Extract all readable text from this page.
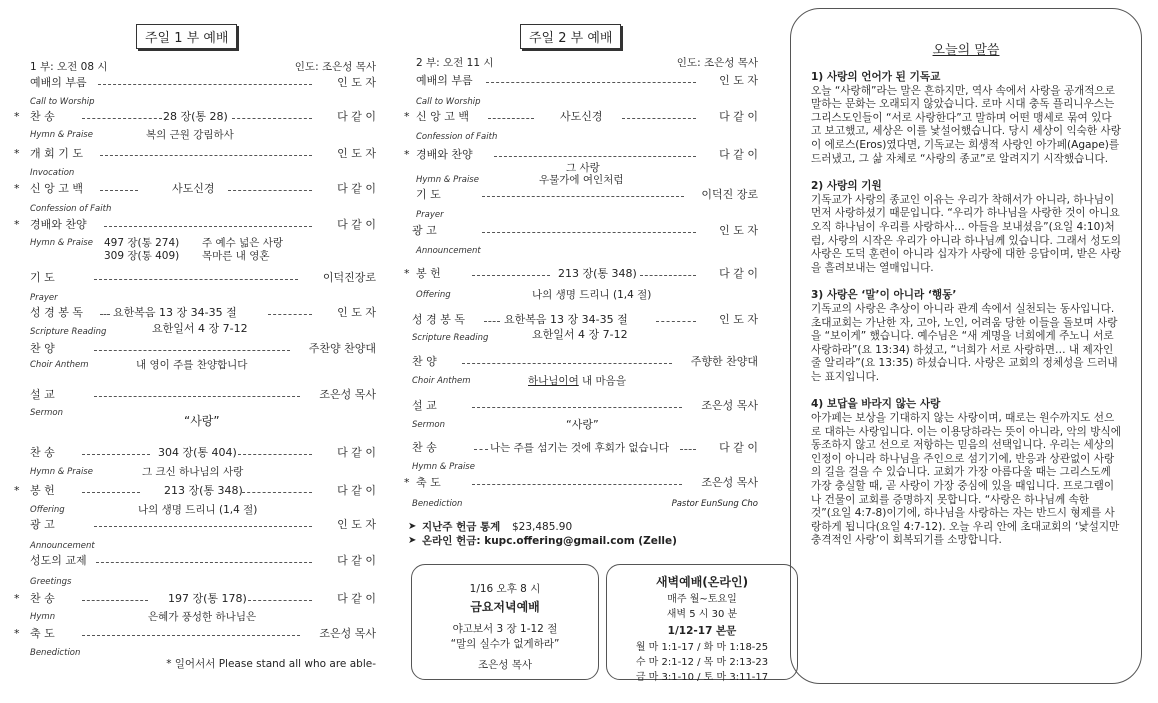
주일 1 부 예배
1 부: 오전 08 시	인도: 조은성 목사
예배의 부름	인 도 자
Call to Worship
* 찬 송	28 장(통 28)	다 같 이
Hymn & Praise	복의 근원 강림하사
* 개 회 기 도	인 도 자
Invocation
* 신 앙 고 백	사도신경	다 같 이
Confession of Faith
* 경배와 찬양	다 같 이
Hymn & Praise 497 장(통 274) 주 예수 넓은 사랑
309 장(통 409) 목마른 내 영혼
기 도	이덕진장로
Prayer
성 경 봉 독	요한복음 13 장 34-35 절	인 도 자
Scripture Reading	요한일서 4 장 7-12
찬 양	주찬양 찬양대
Choir Anthem	내 영이 주를 찬양합니다
설 교	조은성 목사
Sermon
“사랑”
찬 송	304 장(통 404)	다 같 이
Hymn & Praise	그 크신 하나님의 사랑
* 봉 헌	213 장(통 348)	다 같 이
Offering	나의 생명 드리니 (1,4 절)
광 고	인 도 자
Announcement
성도의 교제	다 같 이
Greetings
* 찬 송	197 장(통 178)	다 같 이
Hymn	은혜가 풍성한 하나님은
* 축 도	조은성 목사
Benediction
* 일어서서 Please stand all who are able-
주일 2 부 예배
2 부: 오전 11 시	인도: 조은성 목사
예배의 부름	인 도 자
Call to Worship
* 신 앙 고 백	사도신경	다 같 이
Confession of Faith
* 경배와 찬양	다 같 이
그 사랑
Hymn & Praise	우물가에 여인처럼
기 도	이덕진 장로
Prayer
광 고	인 도 자
Announcement
* 봉 헌	213 장(통 348)	다 같 이
Offering	나의 생명 드리니 (1,4 절)
성 경 봉 독	요한복음 13 장 34-35 절	인 도 자
Scripture Reading	요한일서 4 장 7-12
찬 양	주향한 찬양대
Choir Anthem	하나님이여 내 마음을
설 교	조은성 목사
Sermon	“사랑”
찬 송	나는 주를 섬기는 것에 후회가 없습니다	다 같 이
Hymn & Praise
* 축 도	조은성 목사
Benediction	Pastor EunSung Cho
➤ 지난주 헌금 통계 $23,485.90
➤ 온라인 헌금: kupc.offering@gmail.com (Zelle)
1/16 오후 8 시
금요저녁예배
야고보서 3 장 1-12 절
“말의 실수가 없게하라”
조은성 목사
새벽예배(온라인)
매주 월~토요일
새벽 5 시 30 분
1/12-17 본문
월 마 1:1-17 / 화 마 1:18-25
수 마 2:1-12 / 목 마 2:13-23
금 마 3:1-10 / 토 마 3:11-17
오늘의 말씀
1) 사랑의 언어가 된 기독교

오늘 “사랑해”라는 말은 흔하지만, 역사 속에서 사랑을 공개적으로 말하는 문화는 오래되지 않았습니다. 로마 시대 충독 플리니우스는 그리스도인들이 “서로 사랑한다”고 말하며 어떤 맹세로 묶여 있다고 보고했고, 세상은 이를 낯설어했습니다. 당시 세상이 익숙한 사랑이 에로스(Eros)였다면, 기독교는 희생적 사랑인 아가페(Agape)를 드러냈고, 그 삶 자체로 “사랑의 종교”로 알려지기 시작했습니다.

2) 사랑의 기원

기독교가 사랑의 종교인 이유는 우리가 착해서가 아니라, 하나님이 먼저 사랑하셨기 때문입니다. “우리가 하나님을 사랑한 것이 아니요 오직 하나님이 우리를 사랑하사… 아들을 보내셨음”(요일 4:10)처럼, 사랑의 시작은 우리가 아니라 하나님께 있습니다. 그래서 성도의 사랑은 도덕 훈련이 아니라 십자가 사랑에 대한 응답이며, 받은 사랑을 흘려보내는 열매입니다.

3) 사랑은 ‘말’이 아니라 ‘행동’

기독교의 사랑은 추상이 아니라 관계 속에서 실천되는 동사입니다. 초대교회는 가난한 자, 고아, 노인, 어려움 당한 이들을 돌보며 사랑을 “보이게” 했습니다. 예수님은 “새 계명을 너희에게 주노니 서로 사랑하라”(요 13:34) 하셨고, “너희가 서로 사랑하면… 내 제자인 줄 알리라”(요 13:35) 하셨습니다. 사랑은 교회의 정체성을 드러내는 표지입니다.

4) 보답을 바라지 않는 사랑

아가페는 보상을 기대하지 않는 사랑이며, 때로는 원수까지도 선으로 대하는 사랑입니다. 이는 이용당하라는 뜻이 아니라, 악의 방식에 동조하지 않고 선으로 저항하는 믿음의 선택입니다. 우리는 세상의 인정이 아니라 하나님을 주인으로 섬기기에, 반응과 상관없이 사랑의 길을 걸을 수 있습니다. 교회가 가장 아름다울 때는 그리스도께 가장 충실할 때, 곧 사랑이 가장 중심에 있을 때입니다. 프로그램이나 건물이 교회를 증명하지 못합니다. “사랑은 하나님께 속한 것”(요일 4:7-8)이기에, 하나님을 사랑하는 자는 반드시 형제를 사랑하게 됩니다(요일 4:7-12). 오늘 우리 안에 초대교회의 ‘낯설지만 충격적인 사랑’이 회복되기를 소망합니다.
